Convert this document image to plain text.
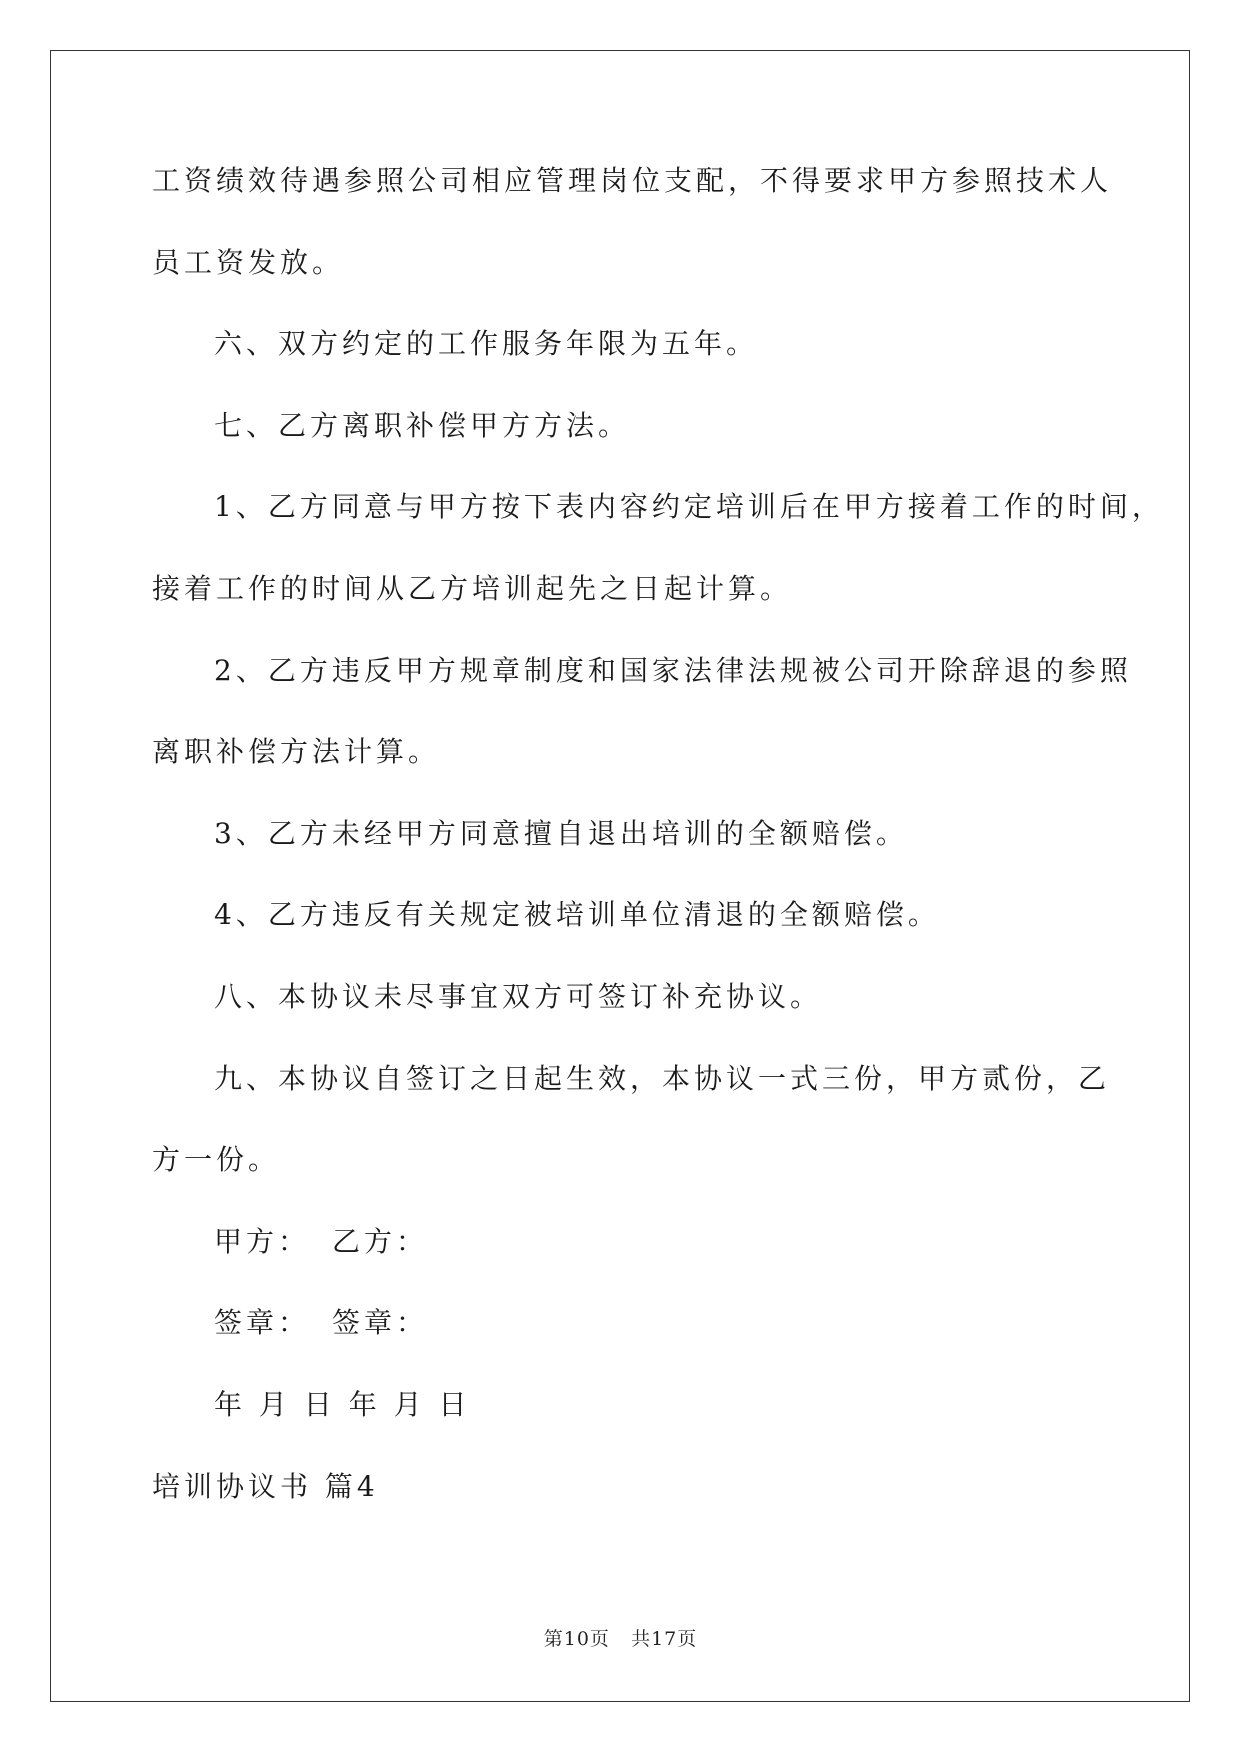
工资绩效待遇参照公司相应管理岗位支配，不得要求甲方参照技术人
员工资发放。
六、双方约定的工作服务年限为五年。
七、乙方离职补偿甲方方法。
1、乙方同意与甲方按下表内容约定培训后在甲方接着工作的时间，
接着工作的时间从乙方培训起先之日起计算。
2、乙方违反甲方规章制度和国家法律法规被公司开除辞退的参照
离职补偿方法计算。
3、乙方未经甲方同意擅自退出培训的全额赔偿。
4、乙方违反有关规定被培训单位清退的全额赔偿。
八、本协议未尽事宜双方可签订补充协议。
九、本协议自签订之日起生效，本协议一式三份，甲方贰份，乙
方一份。
甲方： 乙方：
签章： 签章：
年 月 日 年 月 日
培训协议书 篇4
第10页 共17页
